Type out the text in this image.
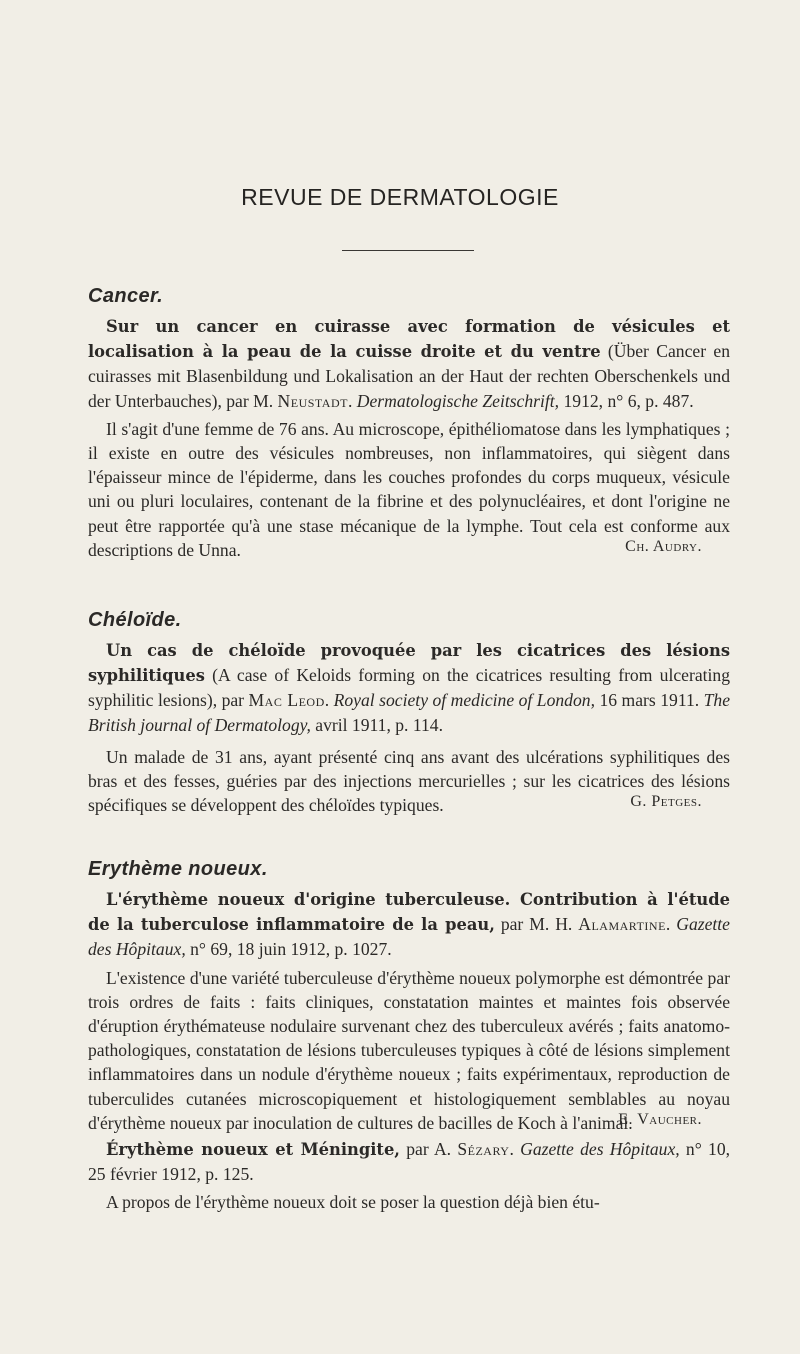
REVUE DE DERMATOLOGIE
Cancer.

Sur un cancer en cuirasse avec formation de vésicules et localisation à la peau de la cuisse droite et du ventre (Über Cancer en cuirasses mit Blasenbildung und Lokalisation an der Haut der rechten Oberschenkels und der Unterbauches), par M. Neustadt. Dermatologische Zeitschrift, 1912, n° 6, p. 487.

Il s'agit d'une femme de 76 ans. Au microscope, épithéliomatose dans les lymphatiques ; il existe en outre des vésicules nombreuses, non inflammatoires, qui siègent dans l'épaisseur mince de l'épiderme, dans les couches profondes du corps muqueux, vésicule uni ou pluri loculaires, contenant de la fibrine et des polynucléaires, et dont l'origine ne peut être rapportée qu'à une stase mécanique de la lymphe. Tout cela est conforme aux descriptions de Unna.	Ch. Audry.
Chéloïde.

Un cas de chéloïde provoquée par les cicatrices des lésions syphilitiques (A case of Keloids forming on the cicatrices resulting from ulcerating syphilitic lesions), par Mac Leod. Royal society of medicine of London, 16 mars 1911. The British journal of Dermatology, avril 1911, p. 114.

Un malade de 31 ans, ayant présenté cinq ans avant des ulcérations syphilitiques des bras et des fesses, guéries par des injections mercurielles ; sur les cicatrices des lésions spécifiques se développent des chéloïdes typiques.	G. Petges.
Erythème noueux.

L'érythème noueux d'origine tuberculeuse. Contribution à l'étude de la tuberculose inflammatoire de la peau, par M. H. Alamartine. Gazette des Hôpitaux, n° 69, 18 juin 1912, p. 1027.

L'existence d'une variété tuberculeuse d'érythème noueux polymorphe est démontrée par trois ordres de faits : faits cliniques, constatation maintes et maintes fois observée d'éruption érythémateuse nodulaire survenant chez des tuberculeux avérés ; faits anatomo-pathologiques, constatation de lésions tuberculeuses typiques à côté de lésions simplement inflammatoires dans un nodule d'érythème noueux ; faits expérimentaux, reproduction de tuberculides cutanées microscopiquement et histologiquement semblables au noyau d'érythème noueux par inoculation de cultures de bacilles de Koch à l'animal.

E. Vaucher.

Érythème noueux et Méningite, par A. Sézary. Gazette des Hôpitaux, n° 10, 25 février 1912, p. 125.

A propos de l'érythème noueux doit se poser la question déjà bien étu-
